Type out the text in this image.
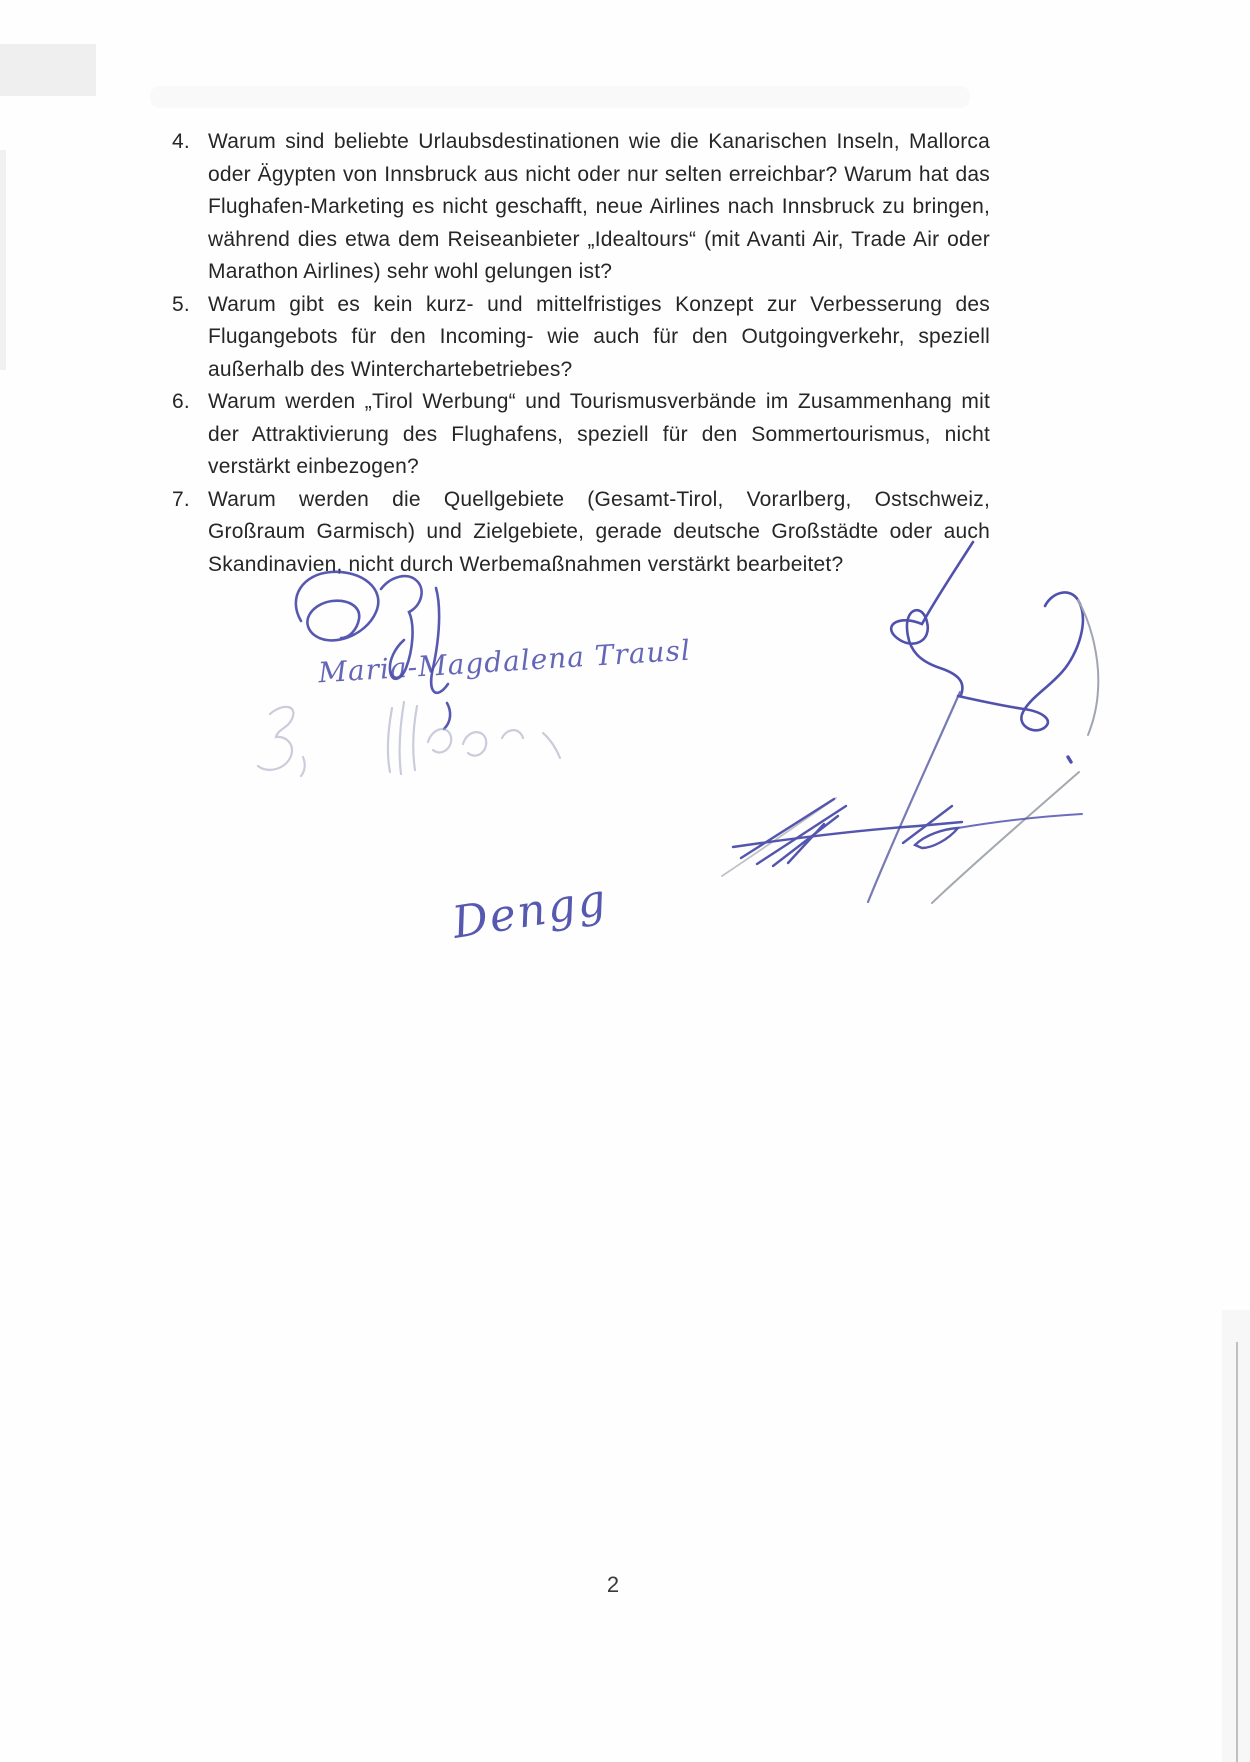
4. Warum sind beliebte Urlaubsdestinationen wie die Kanarischen Inseln, Mallorca oder Ägypten von Innsbruck aus nicht oder nur selten erreichbar? Warum hat das Flughafen-Marketing es nicht geschafft, neue Airlines nach Innsbruck zu bringen, während dies etwa dem Reiseanbieter „Idealtours“ (mit Avanti Air, Trade Air oder Marathon Airlines) sehr wohl gelungen ist?
5. Warum gibt es kein kurz- und mittelfristiges Konzept zur Verbesserung des Flugangebots für den Incoming- wie auch für den Outgoingverkehr, speziell außerhalb des Winterchartebetriebes?
6. Warum werden „Tirol Werbung“ und Tourismusverbände im Zusammenhang mit der Attraktivierung des Flughafens, speziell für den Sommertourismus, nicht verstärkt einbezogen?
7. Warum werden die Quellgebiete (Gesamt-Tirol, Vorarlberg, Ostschweiz, Großraum Garmisch) und Zielgebiete, gerade deutsche Großstädte oder auch Skandinavien, nicht durch Werbemaßnahmen verstärkt bearbeitet?
Maria-Magdalena Trausl
Dengg
2
